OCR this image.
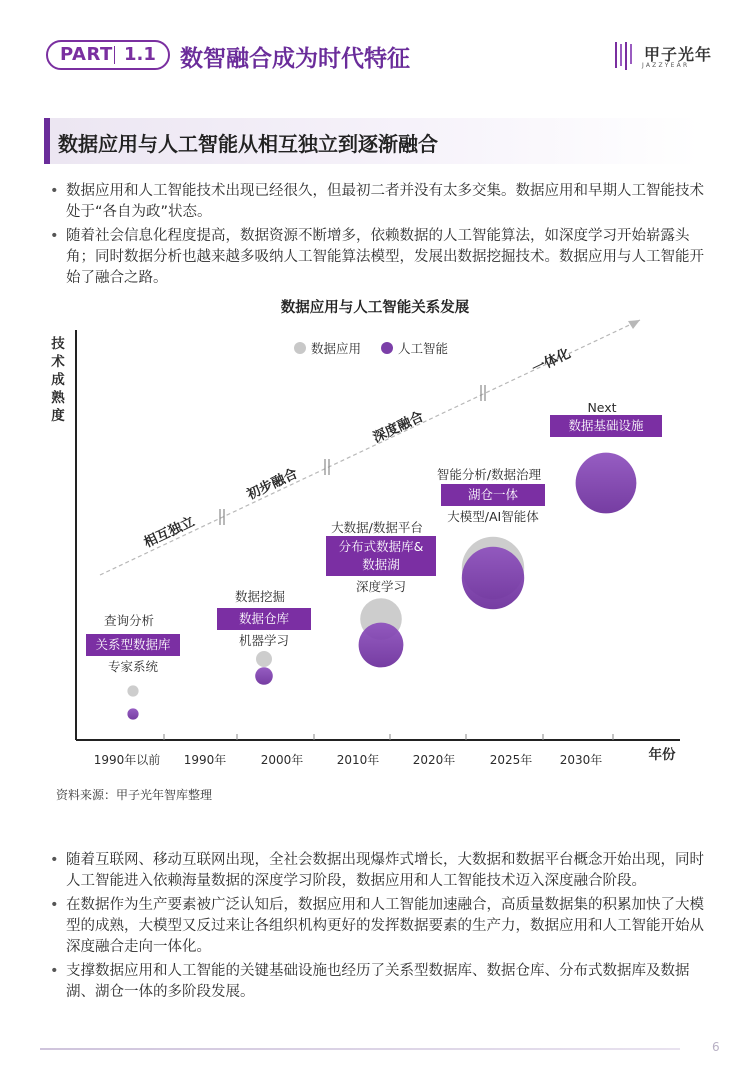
PART 1.1 数智融合成为时代特征	甲子光年
JAZZYEAR
数据应用与人工智能从相互独立到逐渐融合
• 数据应用和人工智能技术出现已经很久，但最初二者并没有太多交集。数据应用和早期人工智能技术处于“各自为政”状态。
• 随着社会信息化程度提高，数据资源不断增多，依赖数据的人工智能算法，如深度学习开始崭露头角；同时数据分析也越来越多吸纳人工智能算法模型，发展出数据挖掘技术。数据应用与人工智能开始了融合之路。
数据应用与人工智能关系发展
技
术
成
熟
度
年份
1990年以前 1990年	2000年	2010年	2020年	2025年 2030年
相互独立
初步融合
深度融合
一体化
数据应用	人工智能
查询分析
关系型数据库
专家系统
数据挖掘
数据仓库
机器学习
大数据/数据平台
分布式数据库&
数据湖
深度学习
智能分析/数据治理
湖仓一体
大模型/AI智能体
Next
数据基础设施
资料来源：甲子光年智库整理
• 随着互联网、移动互联网出现，全社会数据出现爆炸式增长，大数据和数据平台概念开始出现，同时人工智能进入依赖海量数据的深度学习阶段，数据应用和人工智能技术迈入深度融合阶段。
• 在数据作为生产要素被广泛认知后，数据应用和人工智能加速融合，高质量数据集的积累加快了大模型的成熟，大模型又反过来让各组织机构更好的发挥数据要素的生产力，数据应用和人工智能开始从深度融合走向一体化。
• 支撑数据应用和人工智能的关键基础设施也经历了关系型数据库、数据仓库、分布式数据库及数据湖、湖仓一体的多阶段发展。
6
